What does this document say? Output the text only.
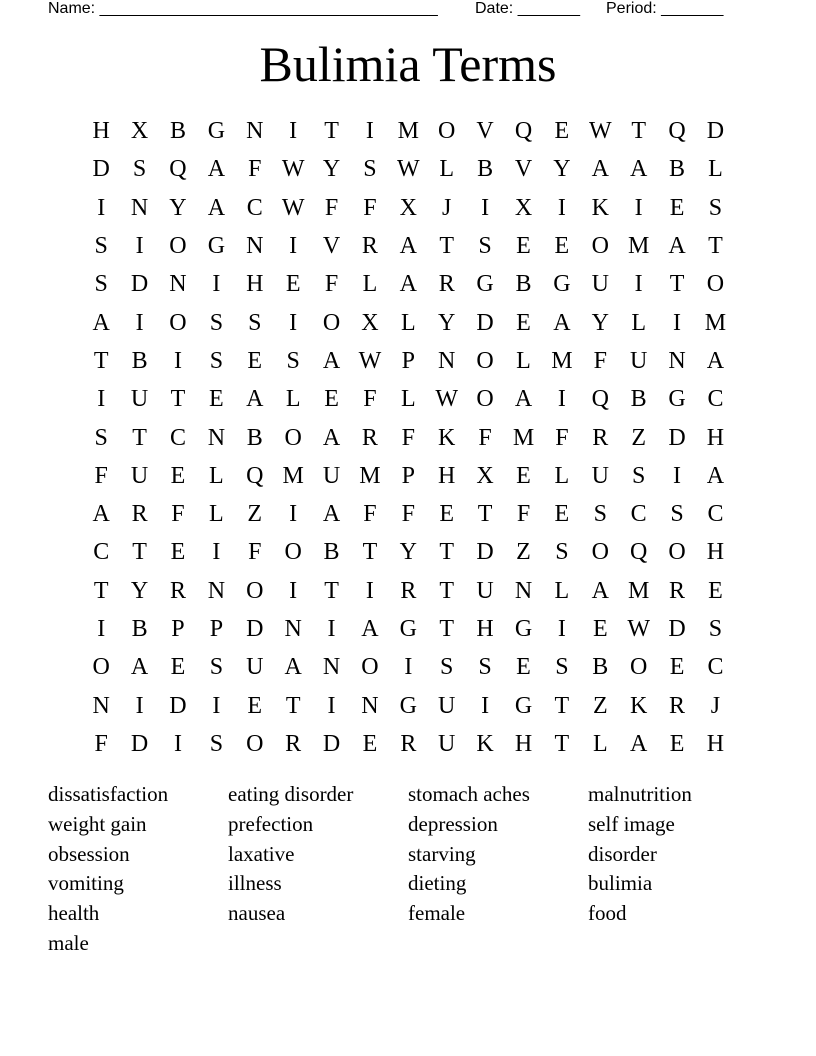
Name: ______________________________________ Date: _______ Period: _______
Bulimia Terms
H X B G N	I	T	I M O V Q E W T Q D
D S Q A F W Y S W L B V Y A A B L
I	N Y A C W F	F X	J	I	X	I	K	I	E	S
S	I	O G N	I	V R A T	S	E E O M A T
S D N	I	H E	F	L A R G B G U	I	T O
A	I	O S	S	I	O X L Y D E A Y L	I M
T B	I	S	E	S A W P N O L M F U N A
I	U T E A L E	F	L W O A	I	Q B G C
S	T C N B O A R F K F M F R Z D H
F U E L Q M U M P H X E L U S	I	A
A R F	L Z	I	A F	F	E T	F	E	S C S C
C T E	I	F O B T Y T D Z	S O Q O H
T Y R N O	I	T	I	R T U N L A M R E
I	B P	P D N	I	A G T H G	I	E W D S
O A E	S U A N O	I	S	S	E	S B O E C
N	I	D	I	E T	I	N G U	I	G T Z K R	J
F D	I	S O R D E R U K H T L A E H
dissatisfaction	eating disorder	stomach aches	malnutrition
weight gain	prefection	depression	self image
obsession	laxative	starving	disorder
vomiting	illness	dieting	bulimia
health	nausea	female	food
male
